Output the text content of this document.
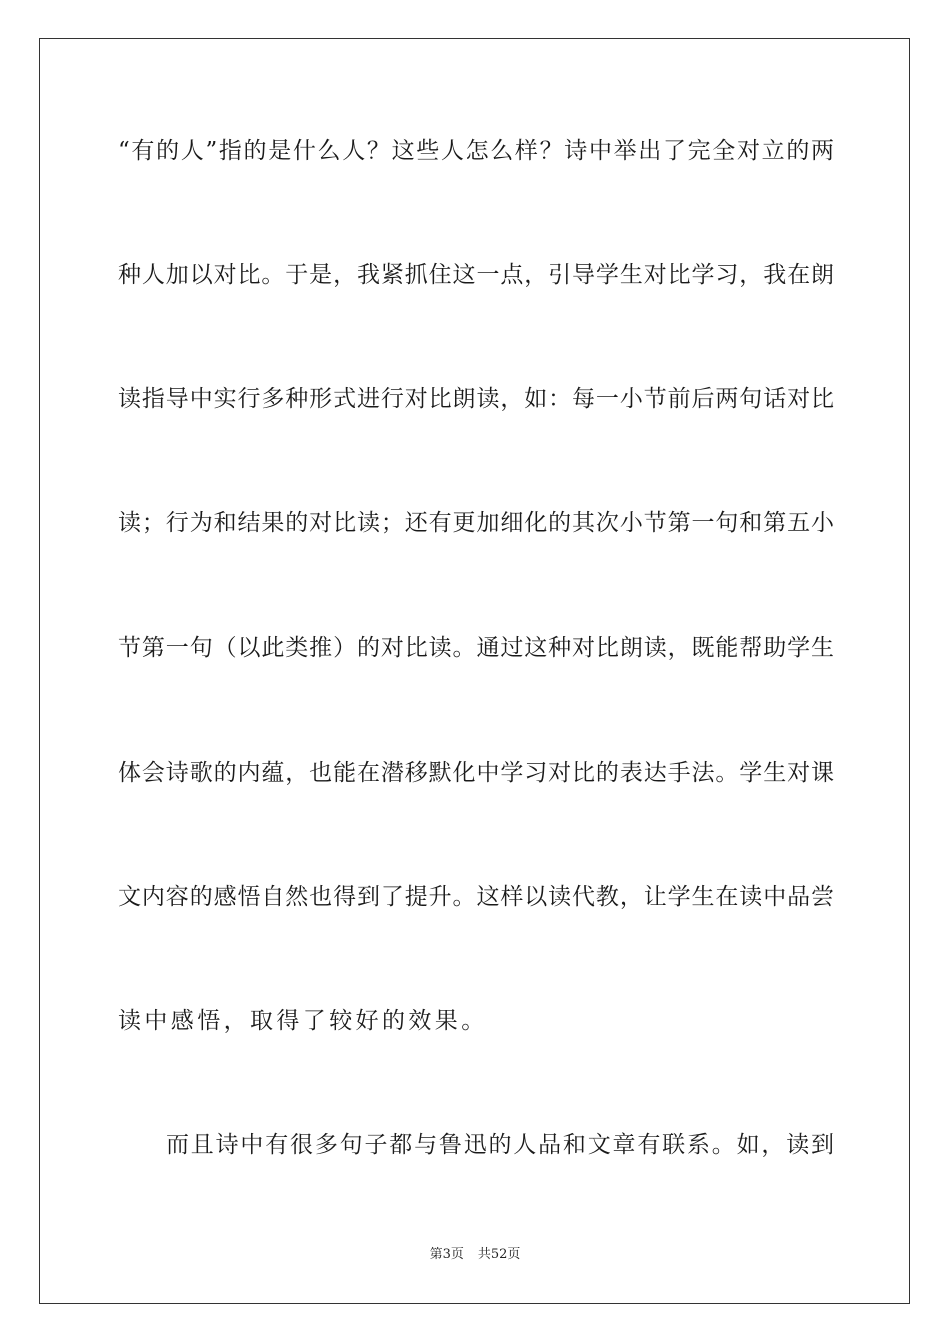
“有的人”指的是什么人？这些人怎么样？诗中举出了完全对立的两
种人加以对比。于是，我紧抓住这一点，引导学生对比学习，我在朗
读指导中实行多种形式进行对比朗读，如：每一小节前后两句话对比
读；行为和结果的对比读；还有更加细化的其次小节第一句和第五小
节第一句（以此类推）的对比读。通过这种对比朗读，既能帮助学生
体会诗歌的内蕴，也能在潜移默化中学习对比的表达手法。学生对课
文内容的感悟自然也得到了提升。这样以读代教，让学生在读中品尝
读中感悟，取得了较好的效果。
而且诗中有很多句子都与鲁迅的人品和文章有联系。如，读到
第3页 共52页
